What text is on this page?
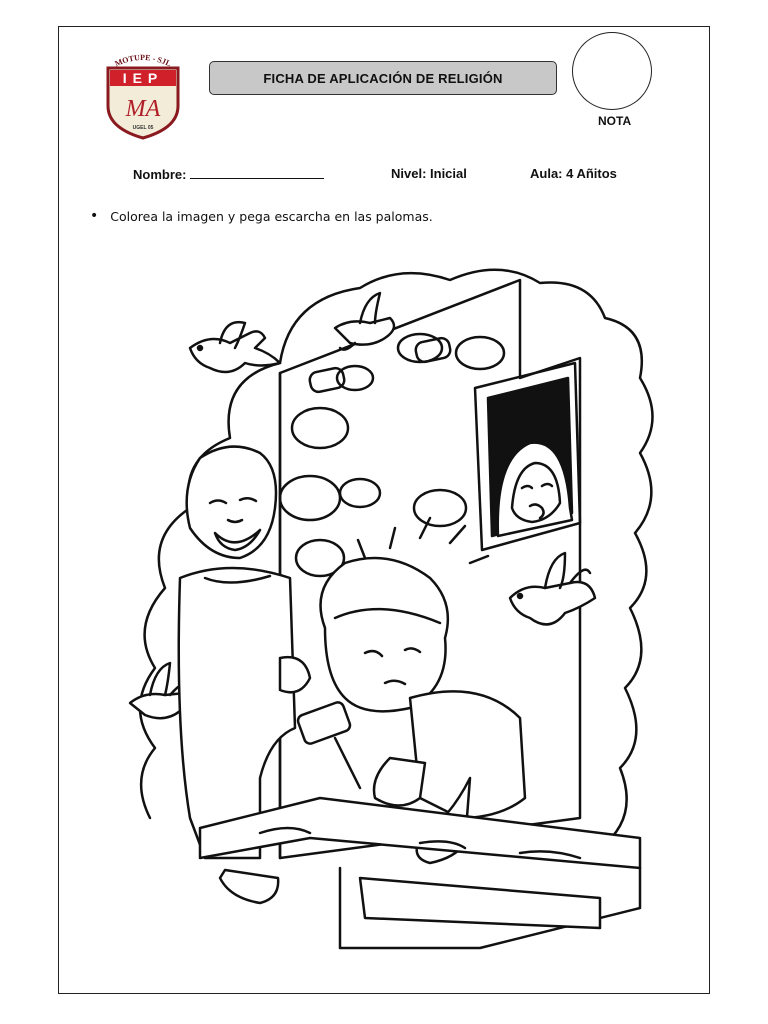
MOTUPE - SJL
IEP
MA
UGEL 05
FICHA DE APLICACIÓN DE RELIGIÓN
NOTA
Nombre:	Nivel: Inicial	Aula: 4 Añitos
• Colorea la imagen y pega escarcha en las palomas.
